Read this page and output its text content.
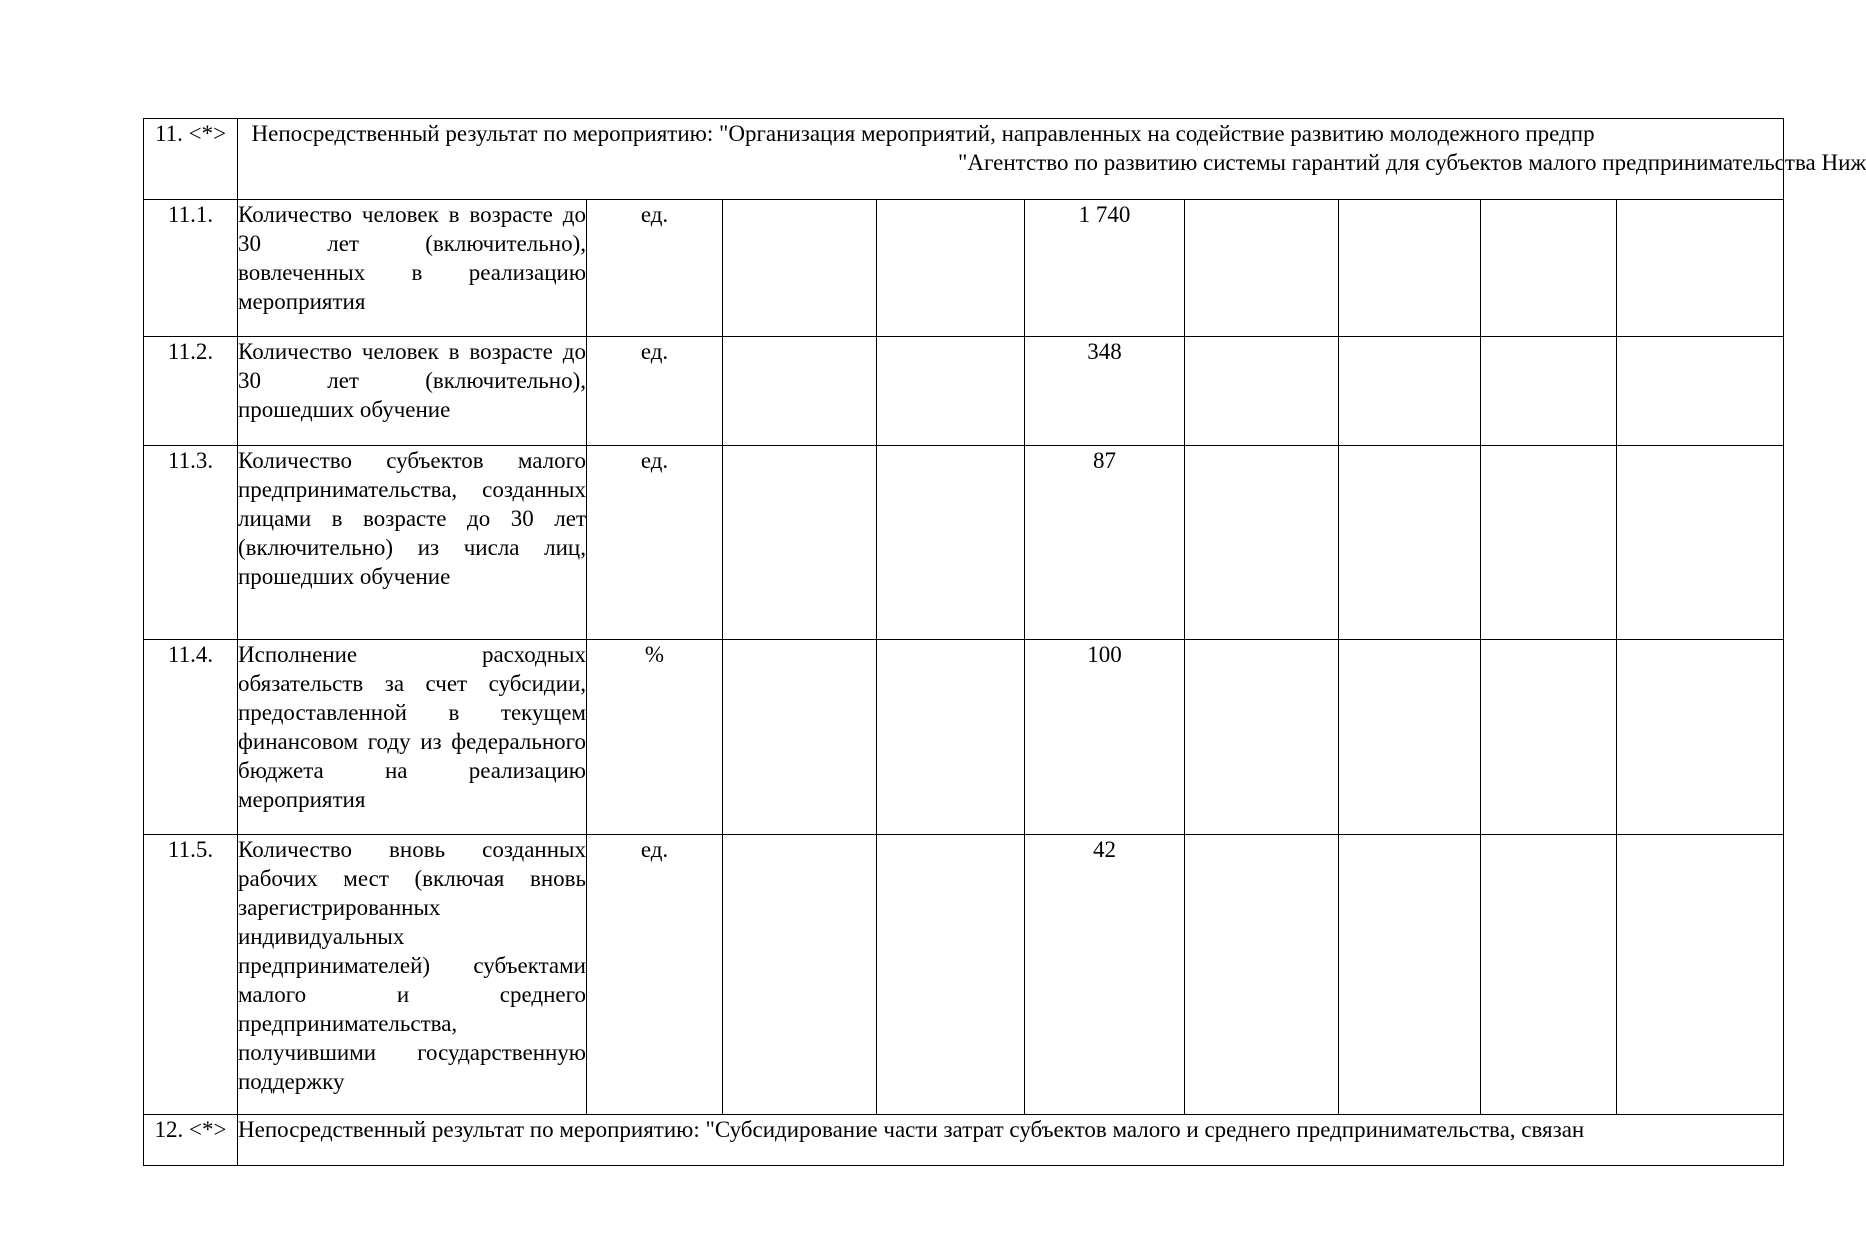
11. <*>	Непосредственный результат по мероприятию: "Организация мероприятий, направленных на содействие развитию молодежного предпр
"Агентство по развитию системы гарантий для субъектов малого предпринимательства Ниж								

11.1.	Количество человек в возрасте до 30 лет (включительно), вовлеченных в реализацию мероприятия	ед.			1 740				
11.2.	Количество человек в возрасте до 30 лет (включительно), прошедших обучение	ед.			348				
11.3.	Количество субъектов малого предпринимательства, созданных лицами в возрасте до 30 лет (включительно) из числа лиц, прошедших обучение	ед.			87				
11.4.	Исполнение расходных обязательств за счет субсидии, предоставленной в текущем финансовом году из федерального бюджета на реализацию мероприятия	%			100				
11.5.	Количество вновь созданных рабочих мест (включая вновь зарегистрированных индивидуальных предпринимателей) субъектами малого и среднего предпринимательства, получившими государственную поддержку	ед.			42				
12. <*>	Непосредственный результат по мероприятию: "Субсидирование части затрат субъектов малого и среднего предпринимательства, связан								
